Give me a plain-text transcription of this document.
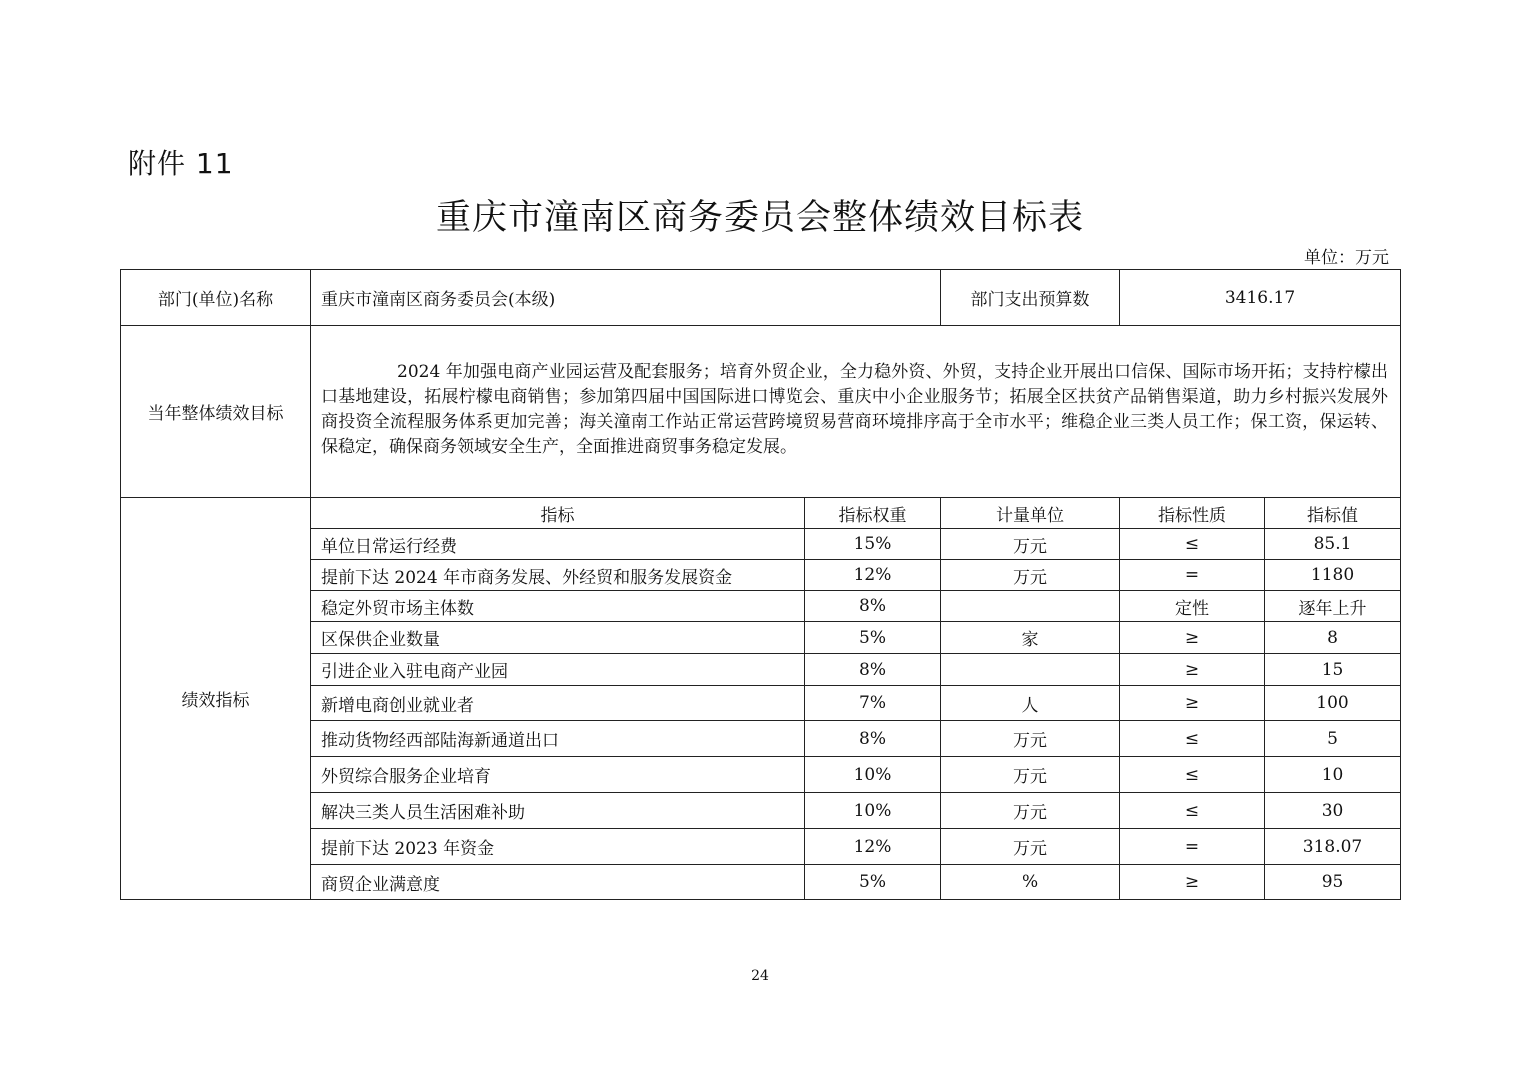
附件 11
重庆市潼南区商务委员会整体绩效目标表
单位：万元
部门(单位)名称	重庆市潼南区商务委员会(本级)		部门支出预算数	3416.17	
当年整体绩效目标	2024 年加强电商产业园运营及配套服务；培育外贸企业，全力稳外资、外贸，支持企业开展出口信保、国际市场开拓；支持柠檬出口基地建设，拓展柠檬电商销售；参加第四届中国国际进口博览会、重庆中小企业服务节；拓展全区扶贫产品销售渠道，助力乡村振兴发展外商投资全流程服务体系更加完善；海关潼南工作站正常运营跨境贸易营商环境排序高于全市水平；维稳企业三类人员工作；保工资，保运转、保稳定，确保商务领域安全生产，全面推进商贸事务稳定发展。				

绩效指标	指标	指标权重	计量单位	指标性质	指标值
	单位日常运行经费	15%	万元	≤	85.1
	提前下达 2024 年市商务发展、外经贸和服务发展资金	12%	万元	=	1180
	稳定外贸市场主体数	8%		定性	逐年上升
	区保供企业数量	5%	家	≥	8
	引进企业入驻电商产业园	8%		≥	15
	新增电商创业就业者	7%	人	≥	100
	推动货物经西部陆海新通道出口	8%	万元	≤	5
	外贸综合服务企业培育	10%	万元	≤	10
	解决三类人员生活困难补助	10%	万元	≤	30
	提前下达 2023 年资金	12%	万元	=	318.07
	商贸企业满意度	5%	%	≥	95
24
